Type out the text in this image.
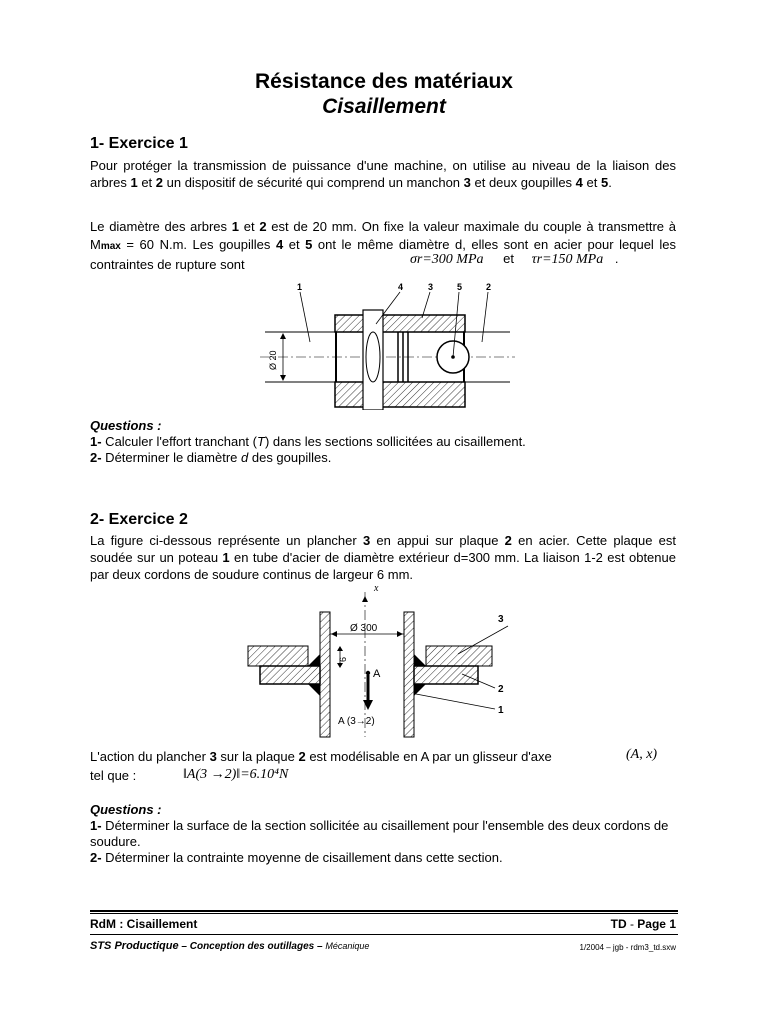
Résistance des matériaux
Cisaillement
1- Exercice 1
Pour protéger la transmission de puissance d'une machine, on utilise au niveau de la liaison des arbres 1 et 2 un dispositif de sécurité qui comprend un manchon 3 et deux goupilles 4 et 5.
Le diamètre des arbres 1 et 2 est de 20 mm. On fixe la valeur maximale du couple à transmettre à Mmax = 60 N.m. Les goupilles 4 et 5 ont le même diamètre d, elles sont en acier pour lequel les contraintes de rupture sont	σr=300 MPa et τr=150 MPa .
1	4	3	5	2
Ø 20
Questions :
1- Calculer l'effort tranchant (T) dans les sections sollicitées au cisaillement.
2- Déterminer le diamètre d des goupilles.
2- Exercice 2
La figure ci-dessous représente un plancher 3 en appui sur plaque 2 en acier. Cette plaque est soudée sur un poteau 1 en tube d'acier de diamètre extérieur d=300 mm. La liaison 1-2 est obtenue par deux cordons de soudure continus de largeur 6 mm.
x
Ø 300
6
A
A (3→2)
3
2
1
L'action du plancher 3 sur la plaque 2 est modélisable en A par un glisseur d'axe	(A, x)
tel que :	‖A(3 →2)‖=6.10⁴N
Questions :
1- Déterminer la surface de la section sollicitée au cisaillement pour l'ensemble des deux cordons de soudure.
2- Déterminer la contrainte moyenne de cisaillement dans cette section.
RdM : Cisaillement	TD - Page 1
STS Productique – Conception des outillages – Mécanique	1/2004 – jgb - rdm3_td.sxw
